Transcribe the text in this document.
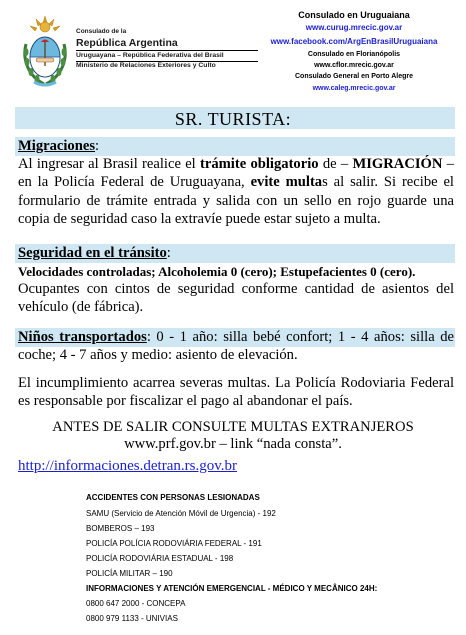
Consulado de la
República Argentina
Uruguayana – República Federativa del Brasil
Ministerio de Relaciones Exteriores y Culto
Consulado en Uruguaiana
www.curug.mrecic.gov.ar
www.facebook.com/ArgEnBrasilUruguaiana
Consulado en Florianópolis
www.cflor.mrecic.gov.ar
Consulado General en Porto Alegre
www.caleg.mrecic.gov.ar
SR. TURISTA:
Migraciones:
Al ingresar al Brasil realice el trámite obligatorio de – MIGRACIÓN – en la Policía Federal de Uruguayana, evite multas al salir. Si recibe el formulario de trámite entrada y salida con un sello en rojo guarde una copia de seguridad caso la extravíe puede estar sujeto a multa.
Seguridad en el tránsito:
Velocidades controladas; Alcoholemia 0 (cero); Estupefacientes 0 (cero).
Ocupantes con cintos de seguridad conforme cantidad de asientos del vehículo (de fábrica).
Niños transportados: 0 - 1 año: silla bebé confort; 1 - 4 años: silla de coche; 4 - 7 años y medio: asiento de elevación.
El incumplimiento acarrea severas multas. La Policía Rodoviaria Federal es responsable por fiscalizar el pago al abandonar el país.
ANTES DE SALIR CONSULTE MULTAS EXTRANJEROS
www.prf.gov.br – link “nada consta”.
http://informaciones.detran.rs.gov.br
ACCIDENTES CON PERSONAS LESIONADAS
SAMU (Servicio de Atención Móvil de Urgencia) - 192
BOMBEROS – 193
POLICÍA POLÍCIA RODOVIÁRIA FEDERAL - 191
POLICÍA RODOVIÁRIA ESTADUAL - 198
POLICÍA MILITAR – 190
INFORMACIONES Y ATENCIÓN EMERGENCIAL - MÉDICO Y MECÂNICO 24H:
0800 647 2000 - CONCEPA
0800 979 1133 - UNIVIAS
